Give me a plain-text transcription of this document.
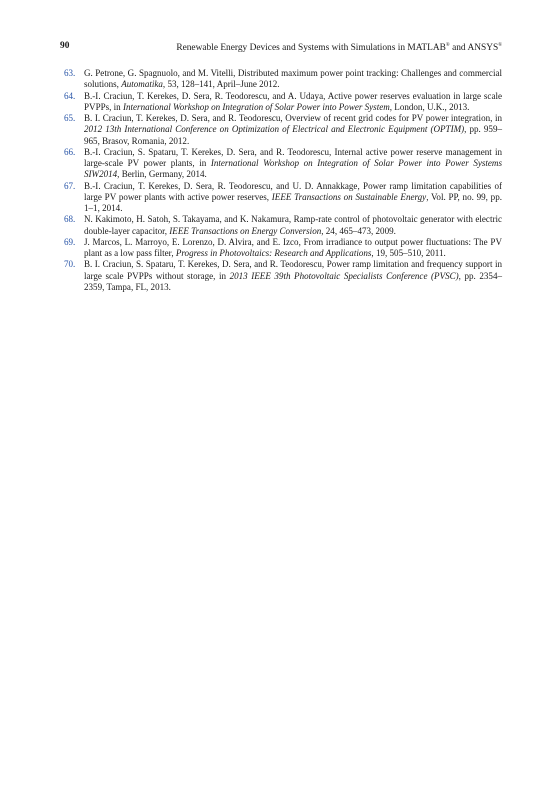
90	Renewable Energy Devices and Systems with Simulations in MATLAB® and ANSYS®
63. G. Petrone, G. Spagnuolo, and M. Vitelli, Distributed maximum power point tracking: Challenges and commercial solutions, Automatika, 53, 128–141, April–June 2012.
64. B.-I. Craciun, T. Kerekes, D. Sera, R. Teodorescu, and A. Udaya, Active power reserves evaluation in large scale PVPPs, in International Workshop on Integration of Solar Power into Power System, London, U.K., 2013.
65. B. I. Craciun, T. Kerekes, D. Sera, and R. Teodorescu, Overview of recent grid codes for PV power integration, in 2012 13th International Conference on Optimization of Electrical and Electronic Equipment (OPTIM), pp. 959–965, Brasov, Romania, 2012.
66. B.-I. Craciun, S. Spataru, T. Kerekes, D. Sera, and R. Teodorescu, Internal active power reserve management in large-scale PV power plants, in International Workshop on Integration of Solar Power into Power Systems SIW2014, Berlin, Germany, 2014.
67. B.-I. Craciun, T. Kerekes, D. Sera, R. Teodorescu, and U. D. Annakkage, Power ramp limitation capabilities of large PV power plants with active power reserves, IEEE Transactions on Sustainable Energy, Vol. PP, no. 99, pp. 1–1, 2014.
68. N. Kakimoto, H. Satoh, S. Takayama, and K. Nakamura, Ramp-rate control of photovoltaic generator with electric double-layer capacitor, IEEE Transactions on Energy Conversion, 24, 465–473, 2009.
69. J. Marcos, L. Marroyo, E. Lorenzo, D. Alvira, and E. Izco, From irradiance to output power fluctuations: The PV plant as a low pass filter, Progress in Photovoltaics: Research and Applications, 19, 505–510, 2011.
70. B. I. Craciun, S. Spataru, T. Kerekes, D. Sera, and R. Teodorescu, Power ramp limitation and frequency support in large scale PVPPs without storage, in 2013 IEEE 39th Photovoltaic Specialists Conference (PVSC), pp. 2354–2359, Tampa, FL, 2013.
